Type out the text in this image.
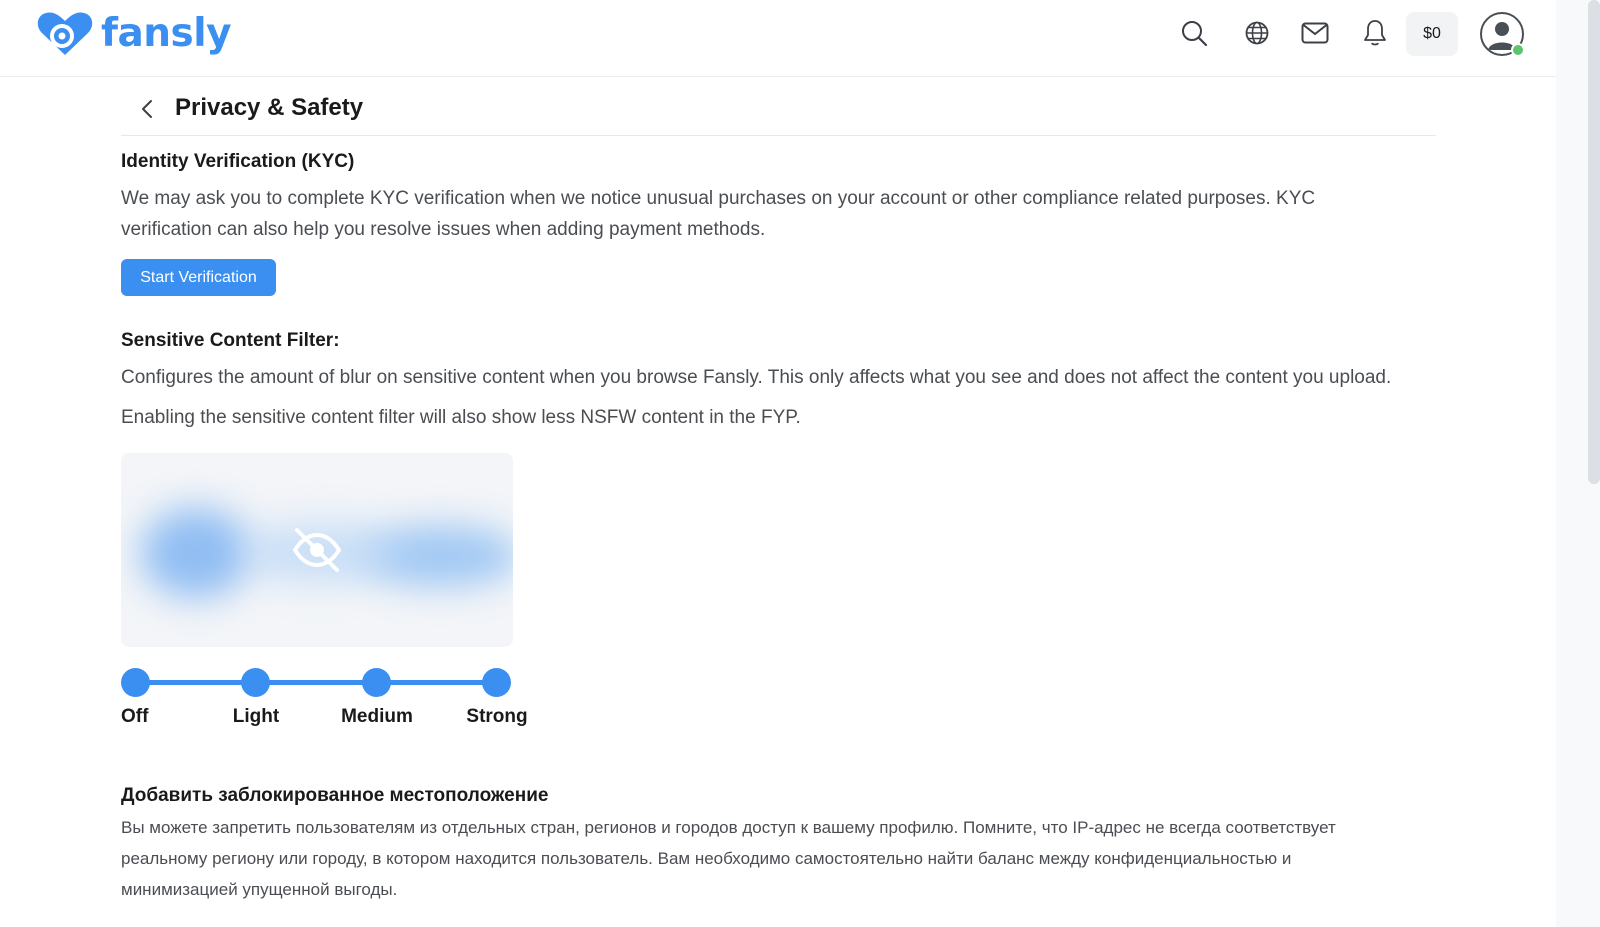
fansly	$0
Privacy & Safety
Identity Verification (KYC)
We may ask you to complete KYC verification when we notice unusual purchases on your account or other compliance related purposes. KYC
verification can also help you resolve issues when adding payment methods.
Start Verification
Sensitive Content Filter:
Configures the amount of blur on sensitive content when you browse Fansly. This only affects what you see and does not affect the content you upload.
Enabling the sensitive content filter will also show less NSFW content in the FYP.
Off	Light	Medium	Strong
Добавить заблокированное местоположение
Вы можете запретить пользователям из отдельных стран, регионов и городов доступ к вашему профилю. Помните, что IP-адрес не всегда соответствует
реальному региону или городу, в котором находится пользователь. Вам необходимо самостоятельно найти баланс между конфиденциальностью и
минимизацией упущенной выгоды.
